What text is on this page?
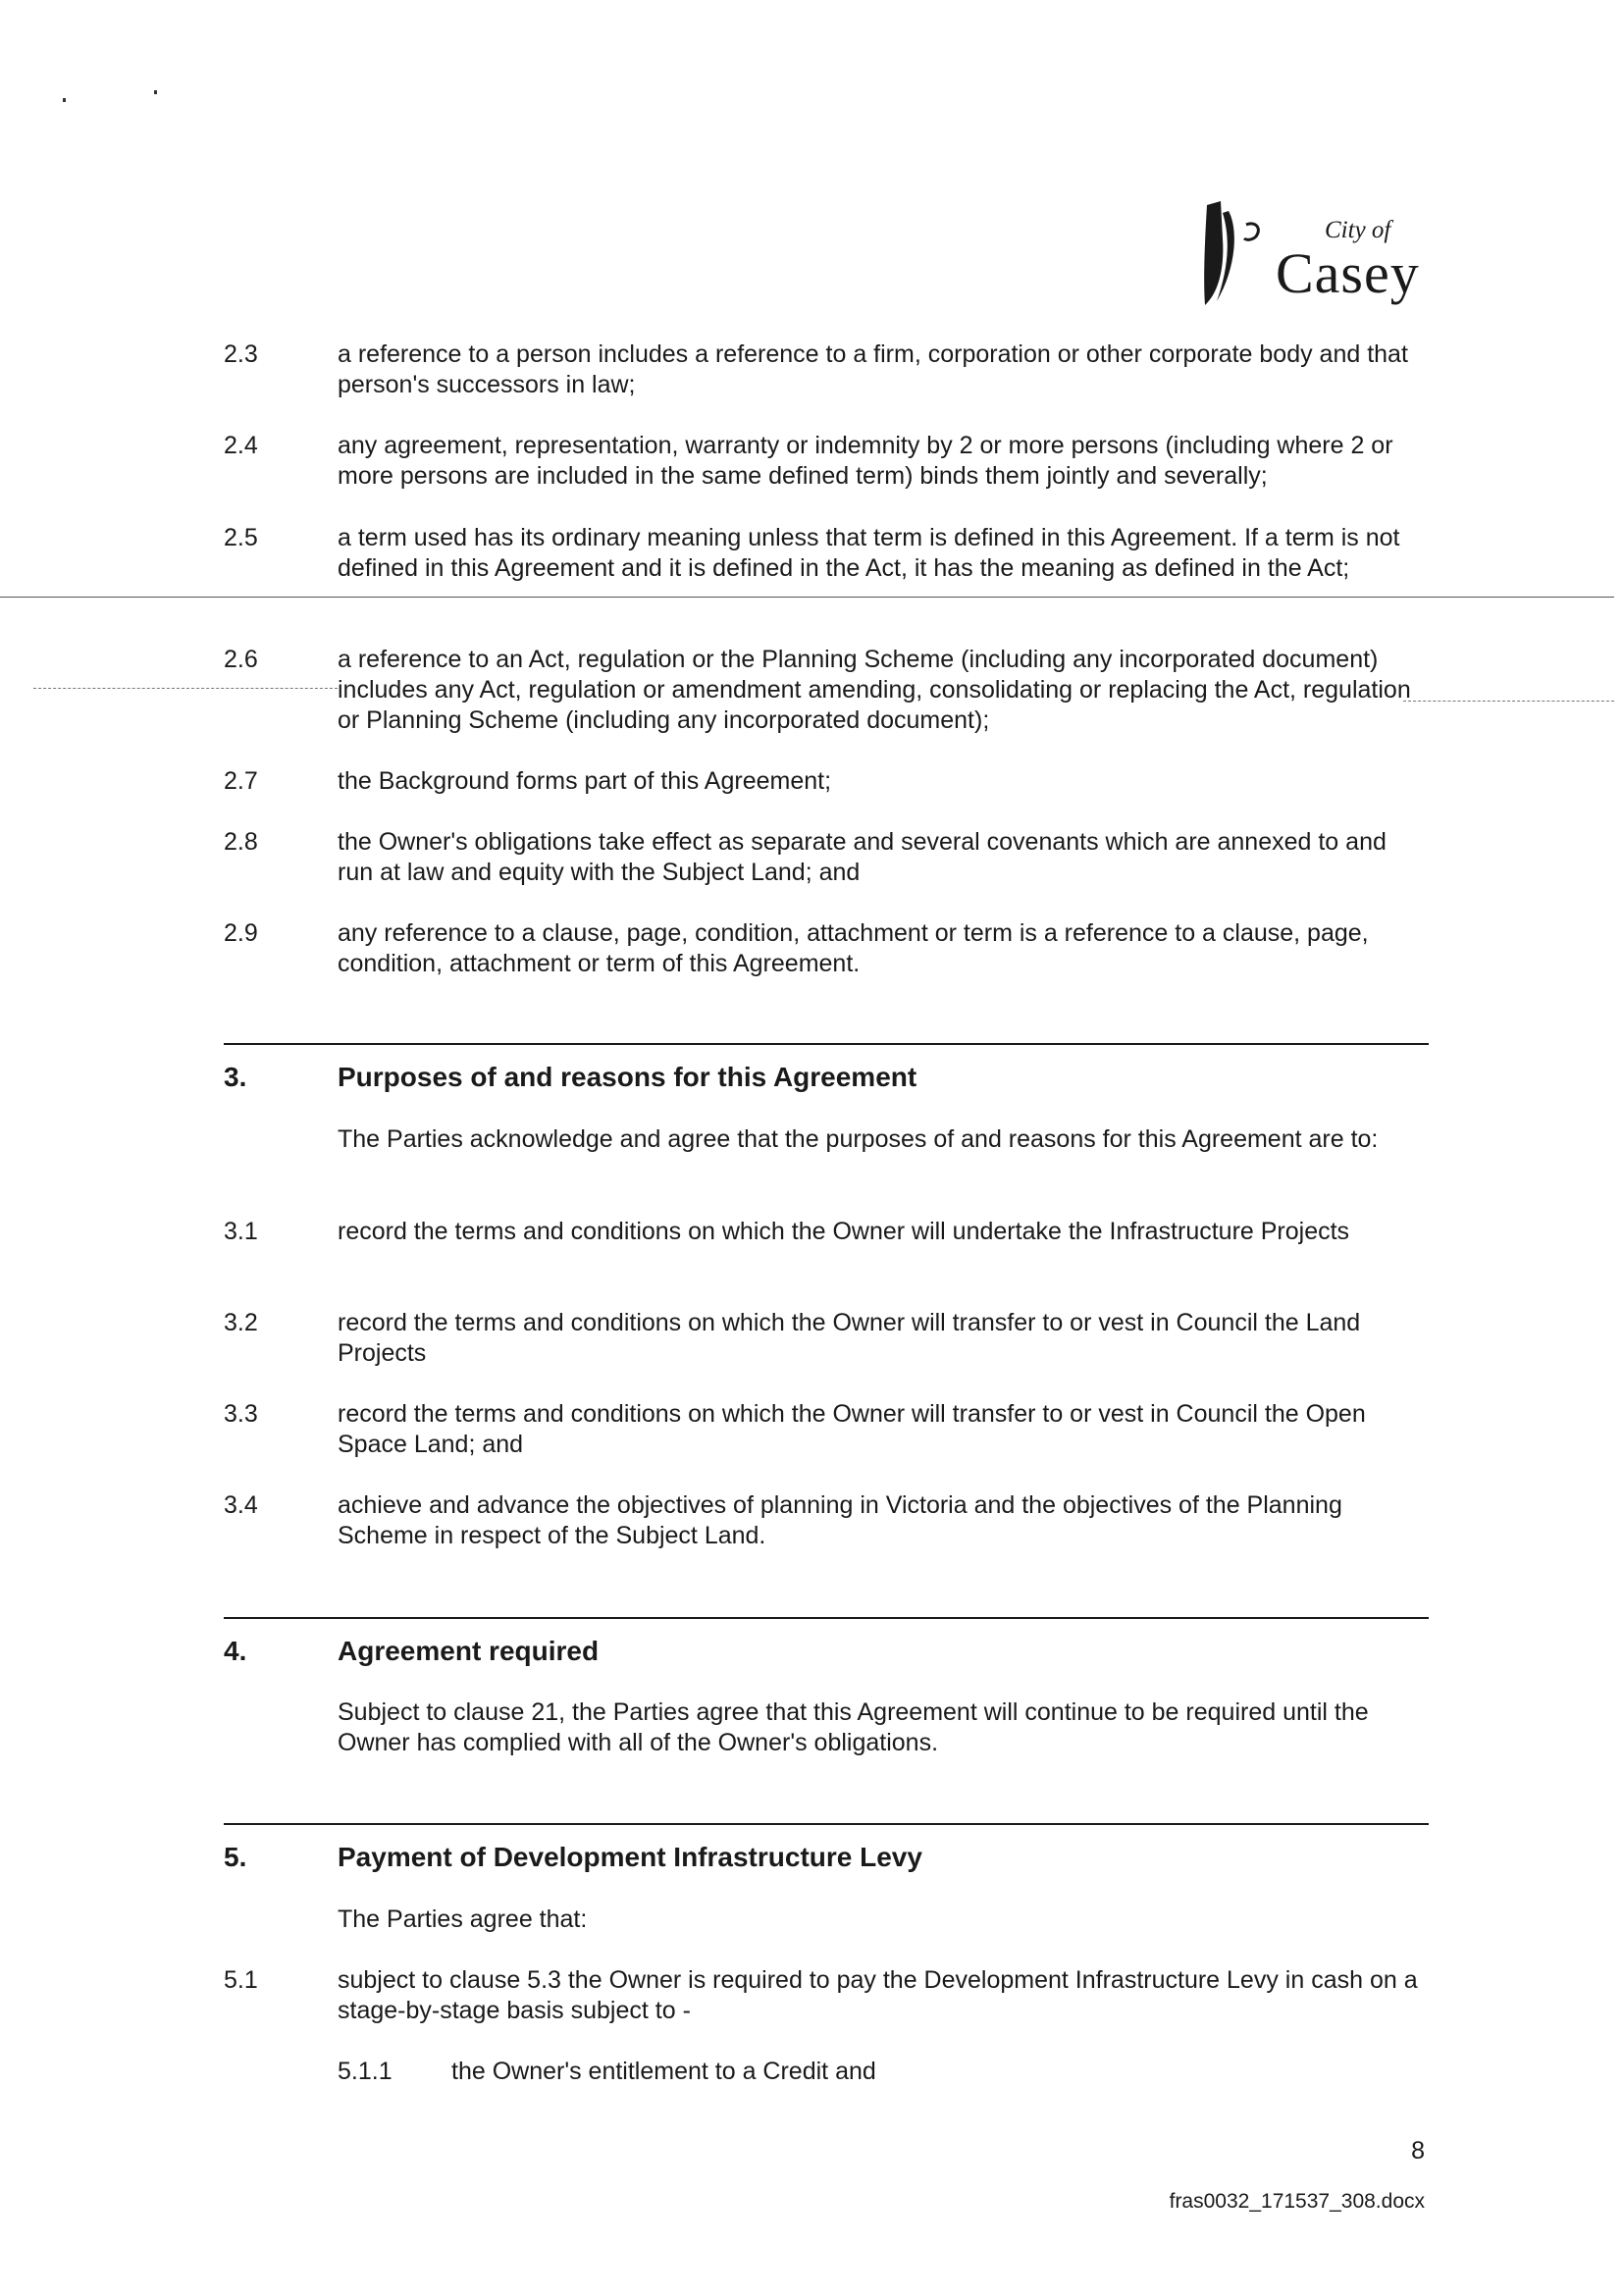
City of
Casey
2.3	a reference to a person includes a reference to a firm, corporation or other corporate body and that person's successors in law;
2.4	any agreement, representation, warranty or indemnity by 2 or more persons (including where 2 or more persons are included in the same defined term) binds them jointly and severally;
2.5	a term used has its ordinary meaning unless that term is defined in this Agreement. If a term is not defined in this Agreement and it is defined in the Act, it has the meaning as defined in the Act;
2.6	a reference to an Act, regulation or the Planning Scheme (including any incorporated document) includes any Act, regulation or amendment amending, consolidating or replacing the Act, regulation or Planning Scheme (including any incorporated document);
2.7	the Background forms part of this Agreement;
2.8	the Owner's obligations take effect as separate and several covenants which are annexed to and run at law and equity with the Subject Land; and
2.9	any reference to a clause, page, condition, attachment or term is a reference to a clause, page, condition, attachment or term of this Agreement.
3.	Purposes of and reasons for this Agreement
The Parties acknowledge and agree that the purposes of and reasons for this Agreement are to:
3.1	record the terms and conditions on which the Owner will undertake the Infrastructure Projects
3.2	record the terms and conditions on which the Owner will transfer to or vest in Council the Land Projects
3.3	record the terms and conditions on which the Owner will transfer to or vest in Council the Open Space Land; and
3.4	achieve and advance the objectives of planning in Victoria and the objectives of the Planning Scheme in respect of the Subject Land.
4.	Agreement required
Subject to clause 21, the Parties agree that this Agreement will continue to be required until the Owner has complied with all of the Owner's obligations.
5.	Payment of Development Infrastructure Levy
The Parties agree that:
5.1	subject to clause 5.3 the Owner is required to pay the Development Infrastructure Levy in cash on a stage-by-stage basis subject to -
5.1.1 the Owner's entitlement to a Credit and
8
fras0032_171537_308.docx
